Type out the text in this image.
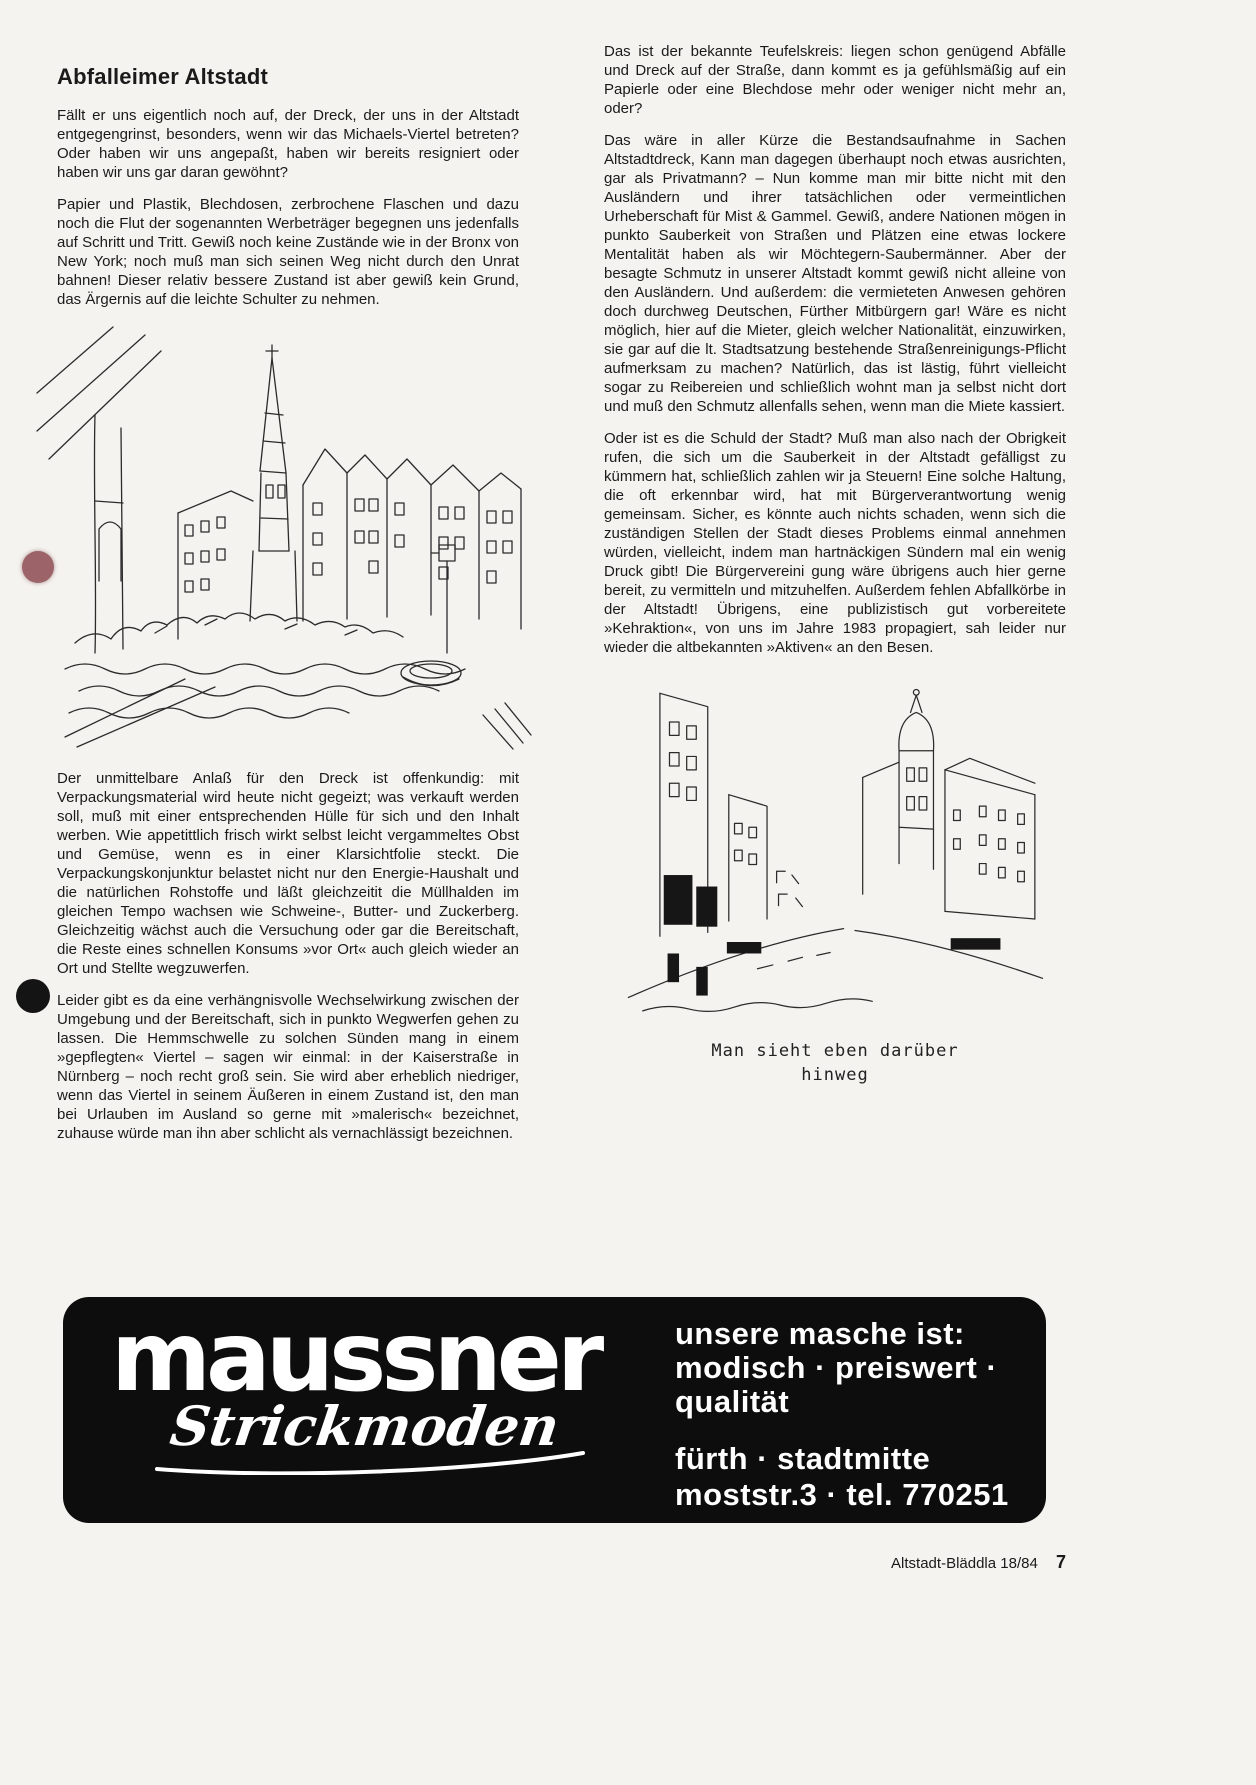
Abfalleimer Altstadt

Fällt er uns eigentlich noch auf, der Dreck, der uns in der Altstadt entgegengrinst, besonders, wenn wir das Michaels-Viertel betreten? Oder haben wir uns angepaßt, haben wir bereits resigniert oder haben wir uns gar daran gewöhnt?

Papier und Plastik, Blechdosen, zerbrochene Flaschen und dazu noch die Flut der sogenannten Werbeträger begegnen uns jedenfalls auf Schritt und Tritt. Gewiß noch keine Zustände wie in der Bronx von New York; noch muß man sich seinen Weg nicht durch den Unrat bahnen! Dieser relativ bessere Zustand ist aber gewiß kein Grund, das Ärgernis auf die leichte Schulter zu nehmen.

Der unmittelbare Anlaß für den Dreck ist offenkundig: mit Verpackungsmaterial wird heute nicht gegeizt; was verkauft werden soll, muß mit einer entsprechenden Hülle für sich und den Inhalt werben. Wie appetittlich frisch wirkt selbst leicht vergammeltes Obst und Gemüse, wenn es in einer Klarsichtfolie steckt. Die Verpackungskonjunktur belastet nicht nur den Energie-Haushalt und die natürlichen Rohstoffe und läßt gleichzeitit die Müllhalden im gleichen Tempo wachsen wie Schweine-, Butter- und Zuckerberg. Gleichzeitig wächst auch die Versuchung oder gar die Bereitschaft, die Reste eines schnellen Konsums »vor Ort« auch gleich wieder an Ort und Stellte wegzuwerfen.

Leider gibt es da eine verhängnisvolle Wechselwirkung zwischen der Umgebung und der Bereitschaft, sich in punkto Wegwerfen gehen zu lassen. Die Hemmschwelle zu solchen Sünden mang in einem »gepflegten« Viertel – sagen wir einmal: in der Kaiserstraße in Nürnberg – noch recht groß sein. Sie wird aber erheblich niedriger, wenn das Viertel in seinem Äußeren in einem Zustand ist, den man bei Urlauben im Ausland so gerne mit »malerisch« bezeichnet, zuhause würde man ihn aber schlicht als vernachlässigt bezeichnen.

Das ist der bekannte Teufelskreis: liegen schon genügend Abfälle und Dreck auf der Straße, dann kommt es ja gefühlsmäßig auf ein Papierle oder eine Blechdose mehr oder weniger nicht mehr an, oder?

Das wäre in aller Kürze die Bestandsaufnahme in Sachen Altstadtdreck, Kann man dagegen überhaupt noch etwas ausrichten, gar als Privatmann? – Nun komme man mir bitte nicht mit den Ausländern und ihrer tatsächlichen oder vermeintlichen Urheberschaft für Mist & Gammel. Gewiß, andere Nationen mögen in punkto Sauberkeit von Straßen und Plätzen eine etwas lockere Mentalität haben als wir Möchtegern-Saubermänner. Aber der besagte Schmutz in unserer Altstadt kommt gewiß nicht alleine von den Ausländern. Und außerdem: die vermieteten Anwesen gehören doch durchweg Deutschen, Fürther Mitbürgern gar! Wäre es nicht möglich, hier auf die Mieter, gleich welcher Nationalität, einzuwirken, sie gar auf die lt. Stadtsatzung bestehende Straßenreinigungs-Pflicht aufmerksam zu machen? Natürlich, das ist lästig, führt vielleicht sogar zu Reibereien und schließlich wohnt man ja selbst nicht dort und muß den Schmutz allenfalls sehen, wenn man die Miete kassiert.

Oder ist es die Schuld der Stadt? Muß man also nach der Obrigkeit rufen, die sich um die Sauberkeit in der Altstadt gefälligst zu kümmern hat, schließlich zahlen wir ja Steuern! Eine solche Haltung, die oft erkennbar wird, hat mit Bürgerverantwortung wenig gemeinsam. Sicher, es könnte auch nichts schaden, wenn sich die zuständigen Stellen der Stadt dieses Problems einmal annehmen würden, vielleicht, indem man hartnäckigen Sündern mal ein wenig Druck gibt! Die Bürgervereini gung wäre übrigens auch hier gerne bereit, zu vermitteln und mitzuhelfen. Außerdem fehlen Abfallkörbe in der Altstadt! Übrigens, eine publizistisch gut vorbereitete »Kehraktion«, von uns im Jahre 1983 propagiert, sah leider nur wieder die altbekannten »Aktiven« an den Besen.

Man sieht eben darüber
hinweg
maussner
Strickmoden
unsere masche ist:
modisch · preiswert ·
qualität
fürth · stadtmitte
moststr.3 · tel. 770251
Altstadt-Bläddla 18/84 7
